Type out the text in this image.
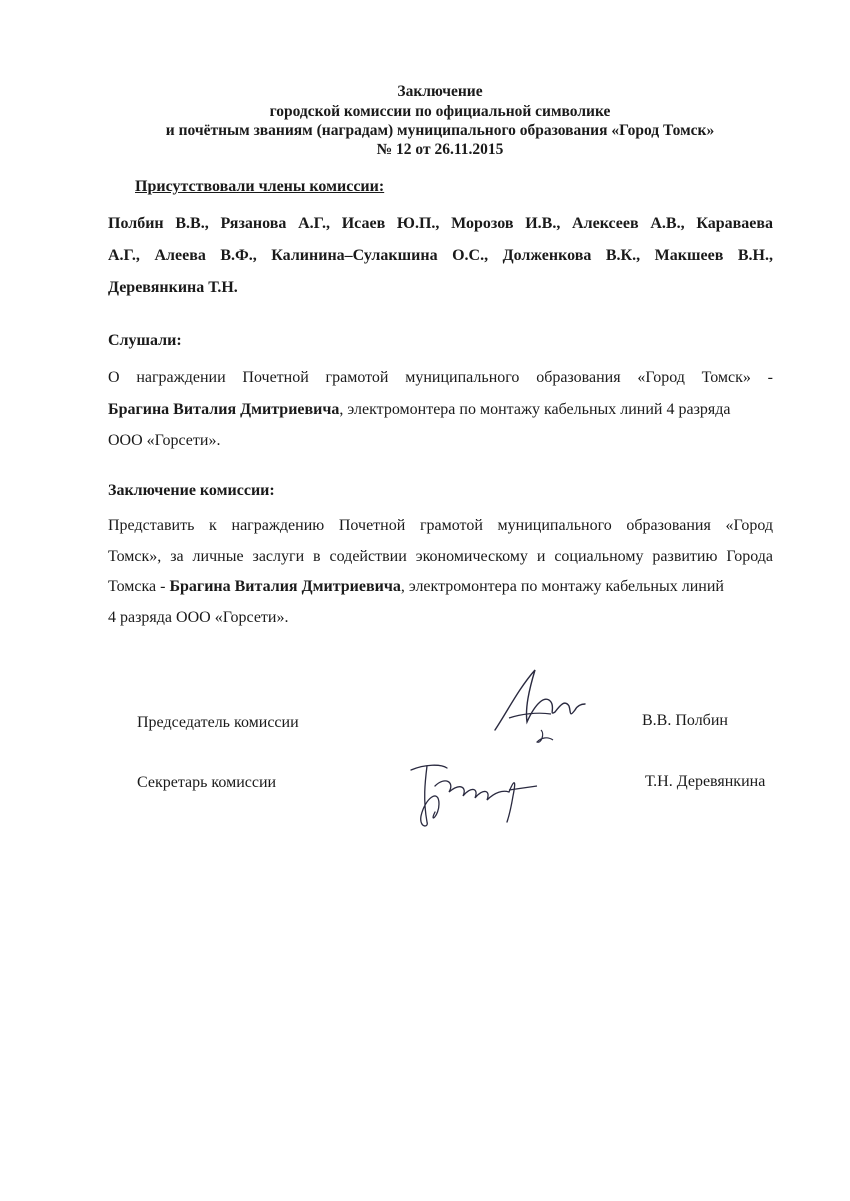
Заключение
городской комиссии по официальной символике
и почётным званиям (наградам) муниципального образования «Город Томск»
№ 12 от 26.11.2015
Присутствовали члены комиссии:
Полбин В.В., Рязанова А.Г., Исаев Ю.П., Морозов И.В., Алексеев А.В., Караваева
А.Г., Алеева В.Ф., Калинина–Сулакшина О.С., Долженкова В.К., Макшеев В.Н.,
Деревянкина Т.Н.
Слушали:
О награждении Почетной грамотой муниципального образования «Город Томск» -
Брагина Виталия Дмитриевича, электромонтера по монтажу кабельных линий 4 разряда
ООО «Горсети».
Заключение комиссии:
Представить к награждению Почетной грамотой муниципального образования «Город
Томск», за личные заслуги в содействии экономическому и социальному развитию Города
Томска - Брагина Виталия Дмитриевича, электромонтера по монтажу кабельных линий
4 разряда ООО «Горсети».
Председатель комиссии	В.В. Полбин
Секретарь комиссии	Т.Н. Деревянкина
